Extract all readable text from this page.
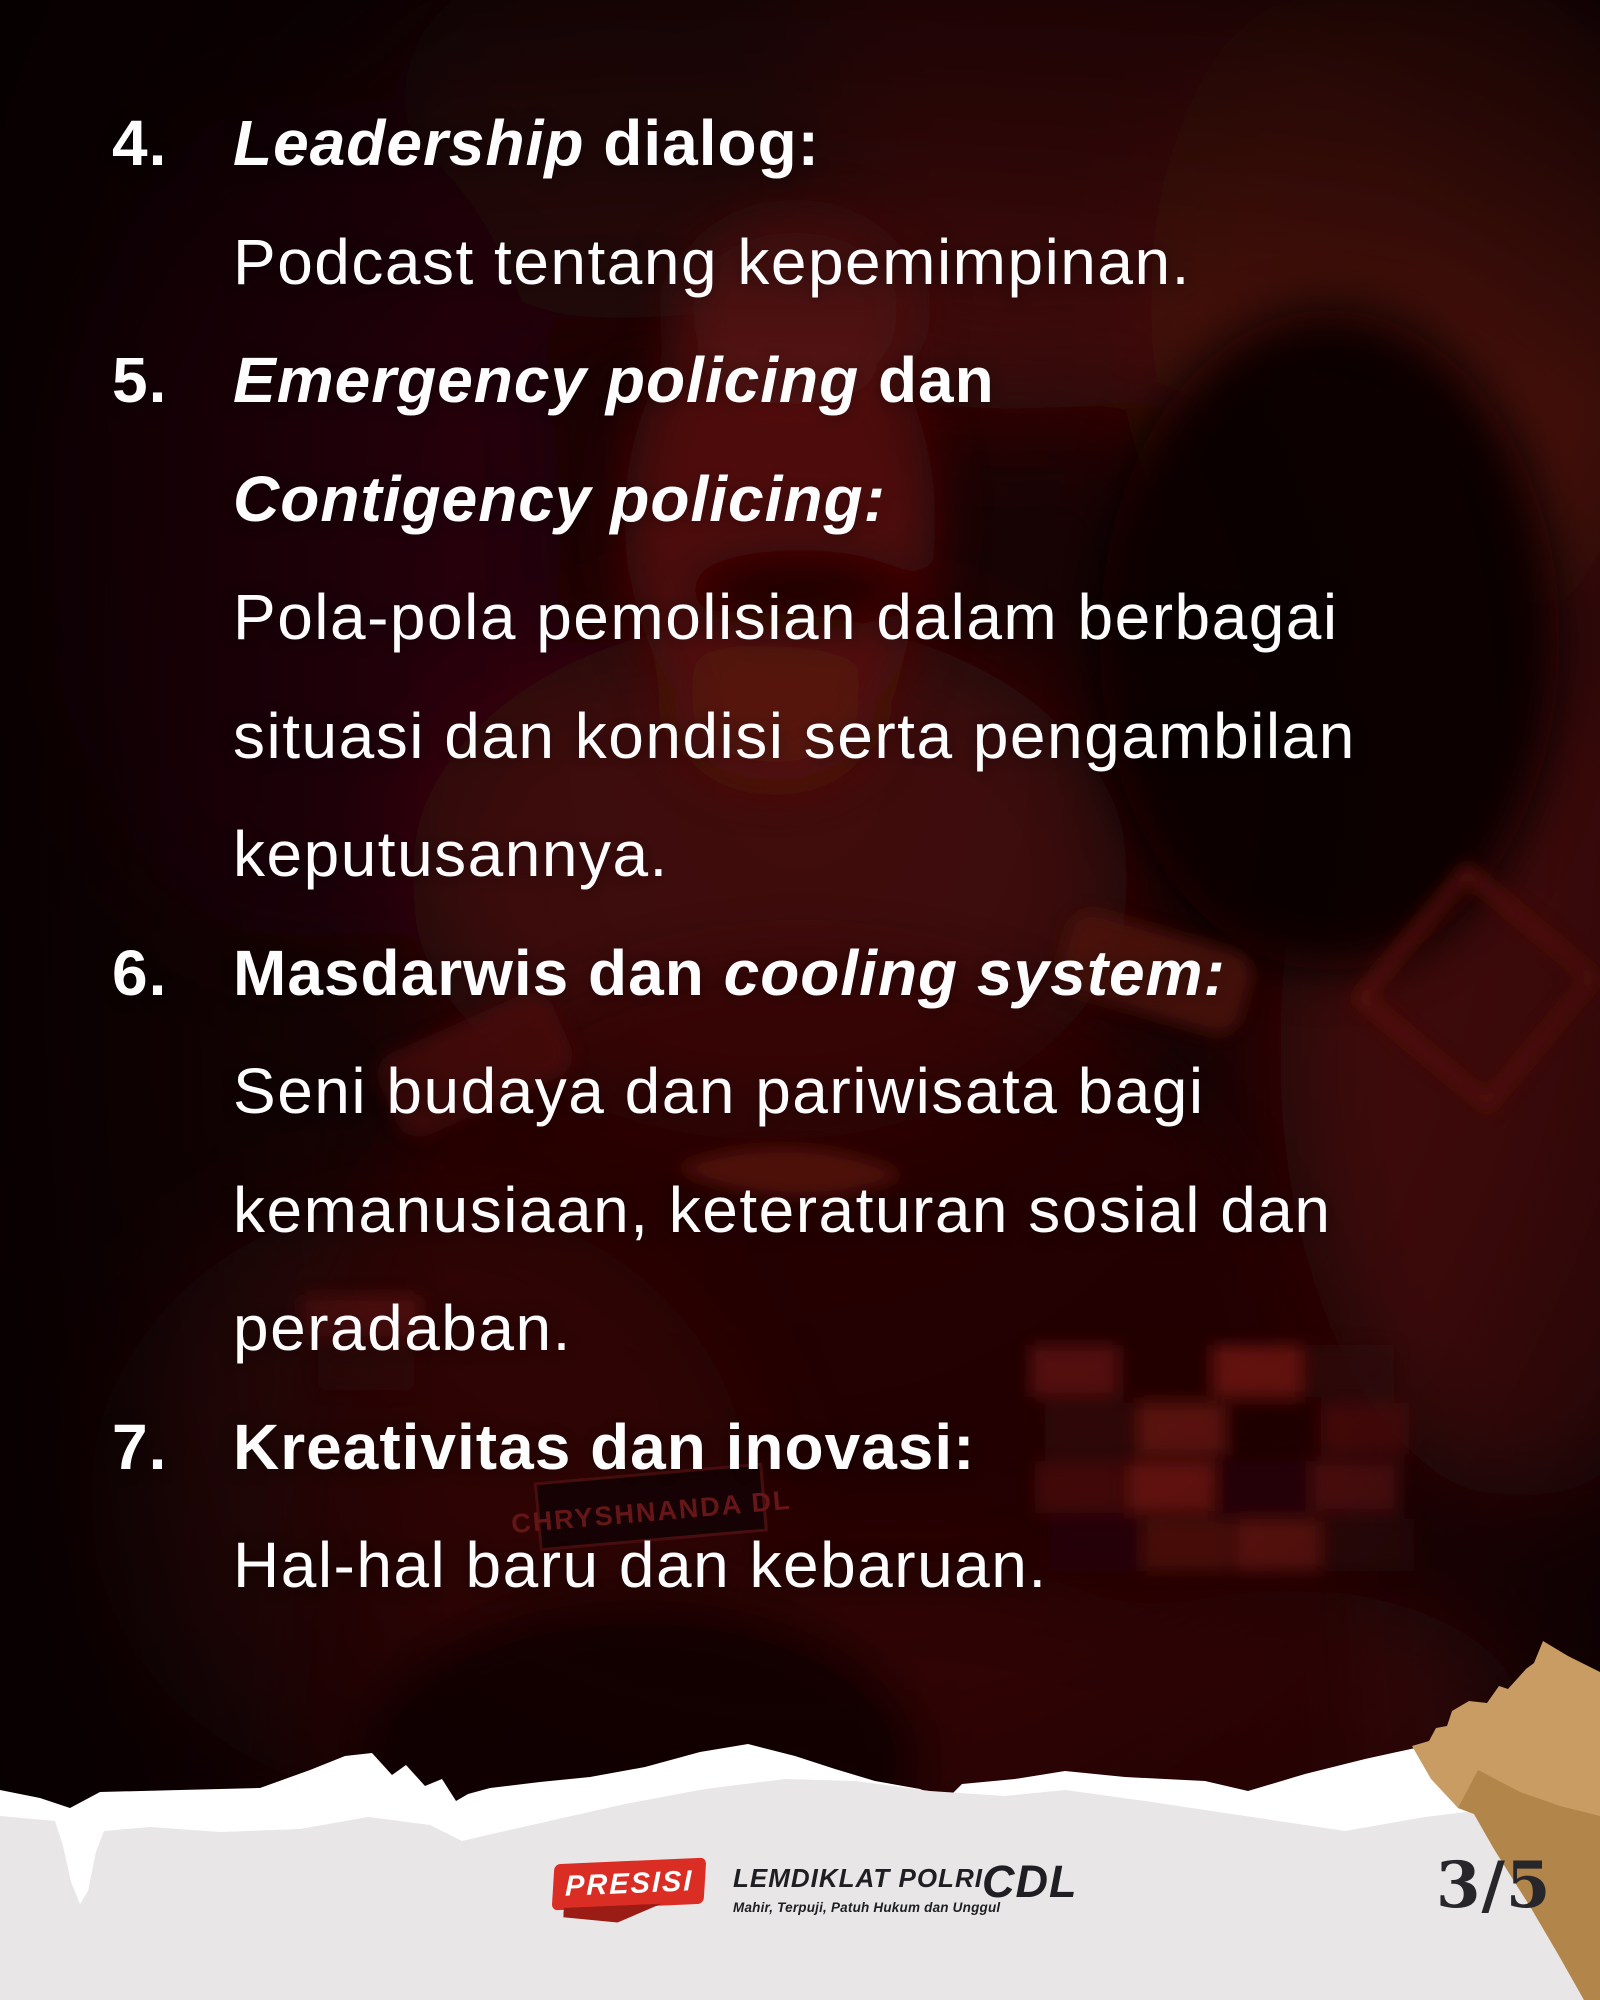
4. Leadership dialog:

Podcast tentang kepemimpinan.

5. Emergency policing dan

Contigency policing:

Pola-pola pemolisian dalam berbagai

situasi dan kondisi serta pengambilan

keputusannya.

6. Masdarwis dan cooling system:

Seni budaya dan pariwisata bagi

kemanusiaan, keteraturan sosial dan

peradaban.

7. Kreativitas dan inovasi:

Hal-hal baru dan kebaruan.

PRESISI LEMDIKLAT POLRI
Mahir, Terpuji, Patuh Hukum dan Unggul
CDL	3/5
